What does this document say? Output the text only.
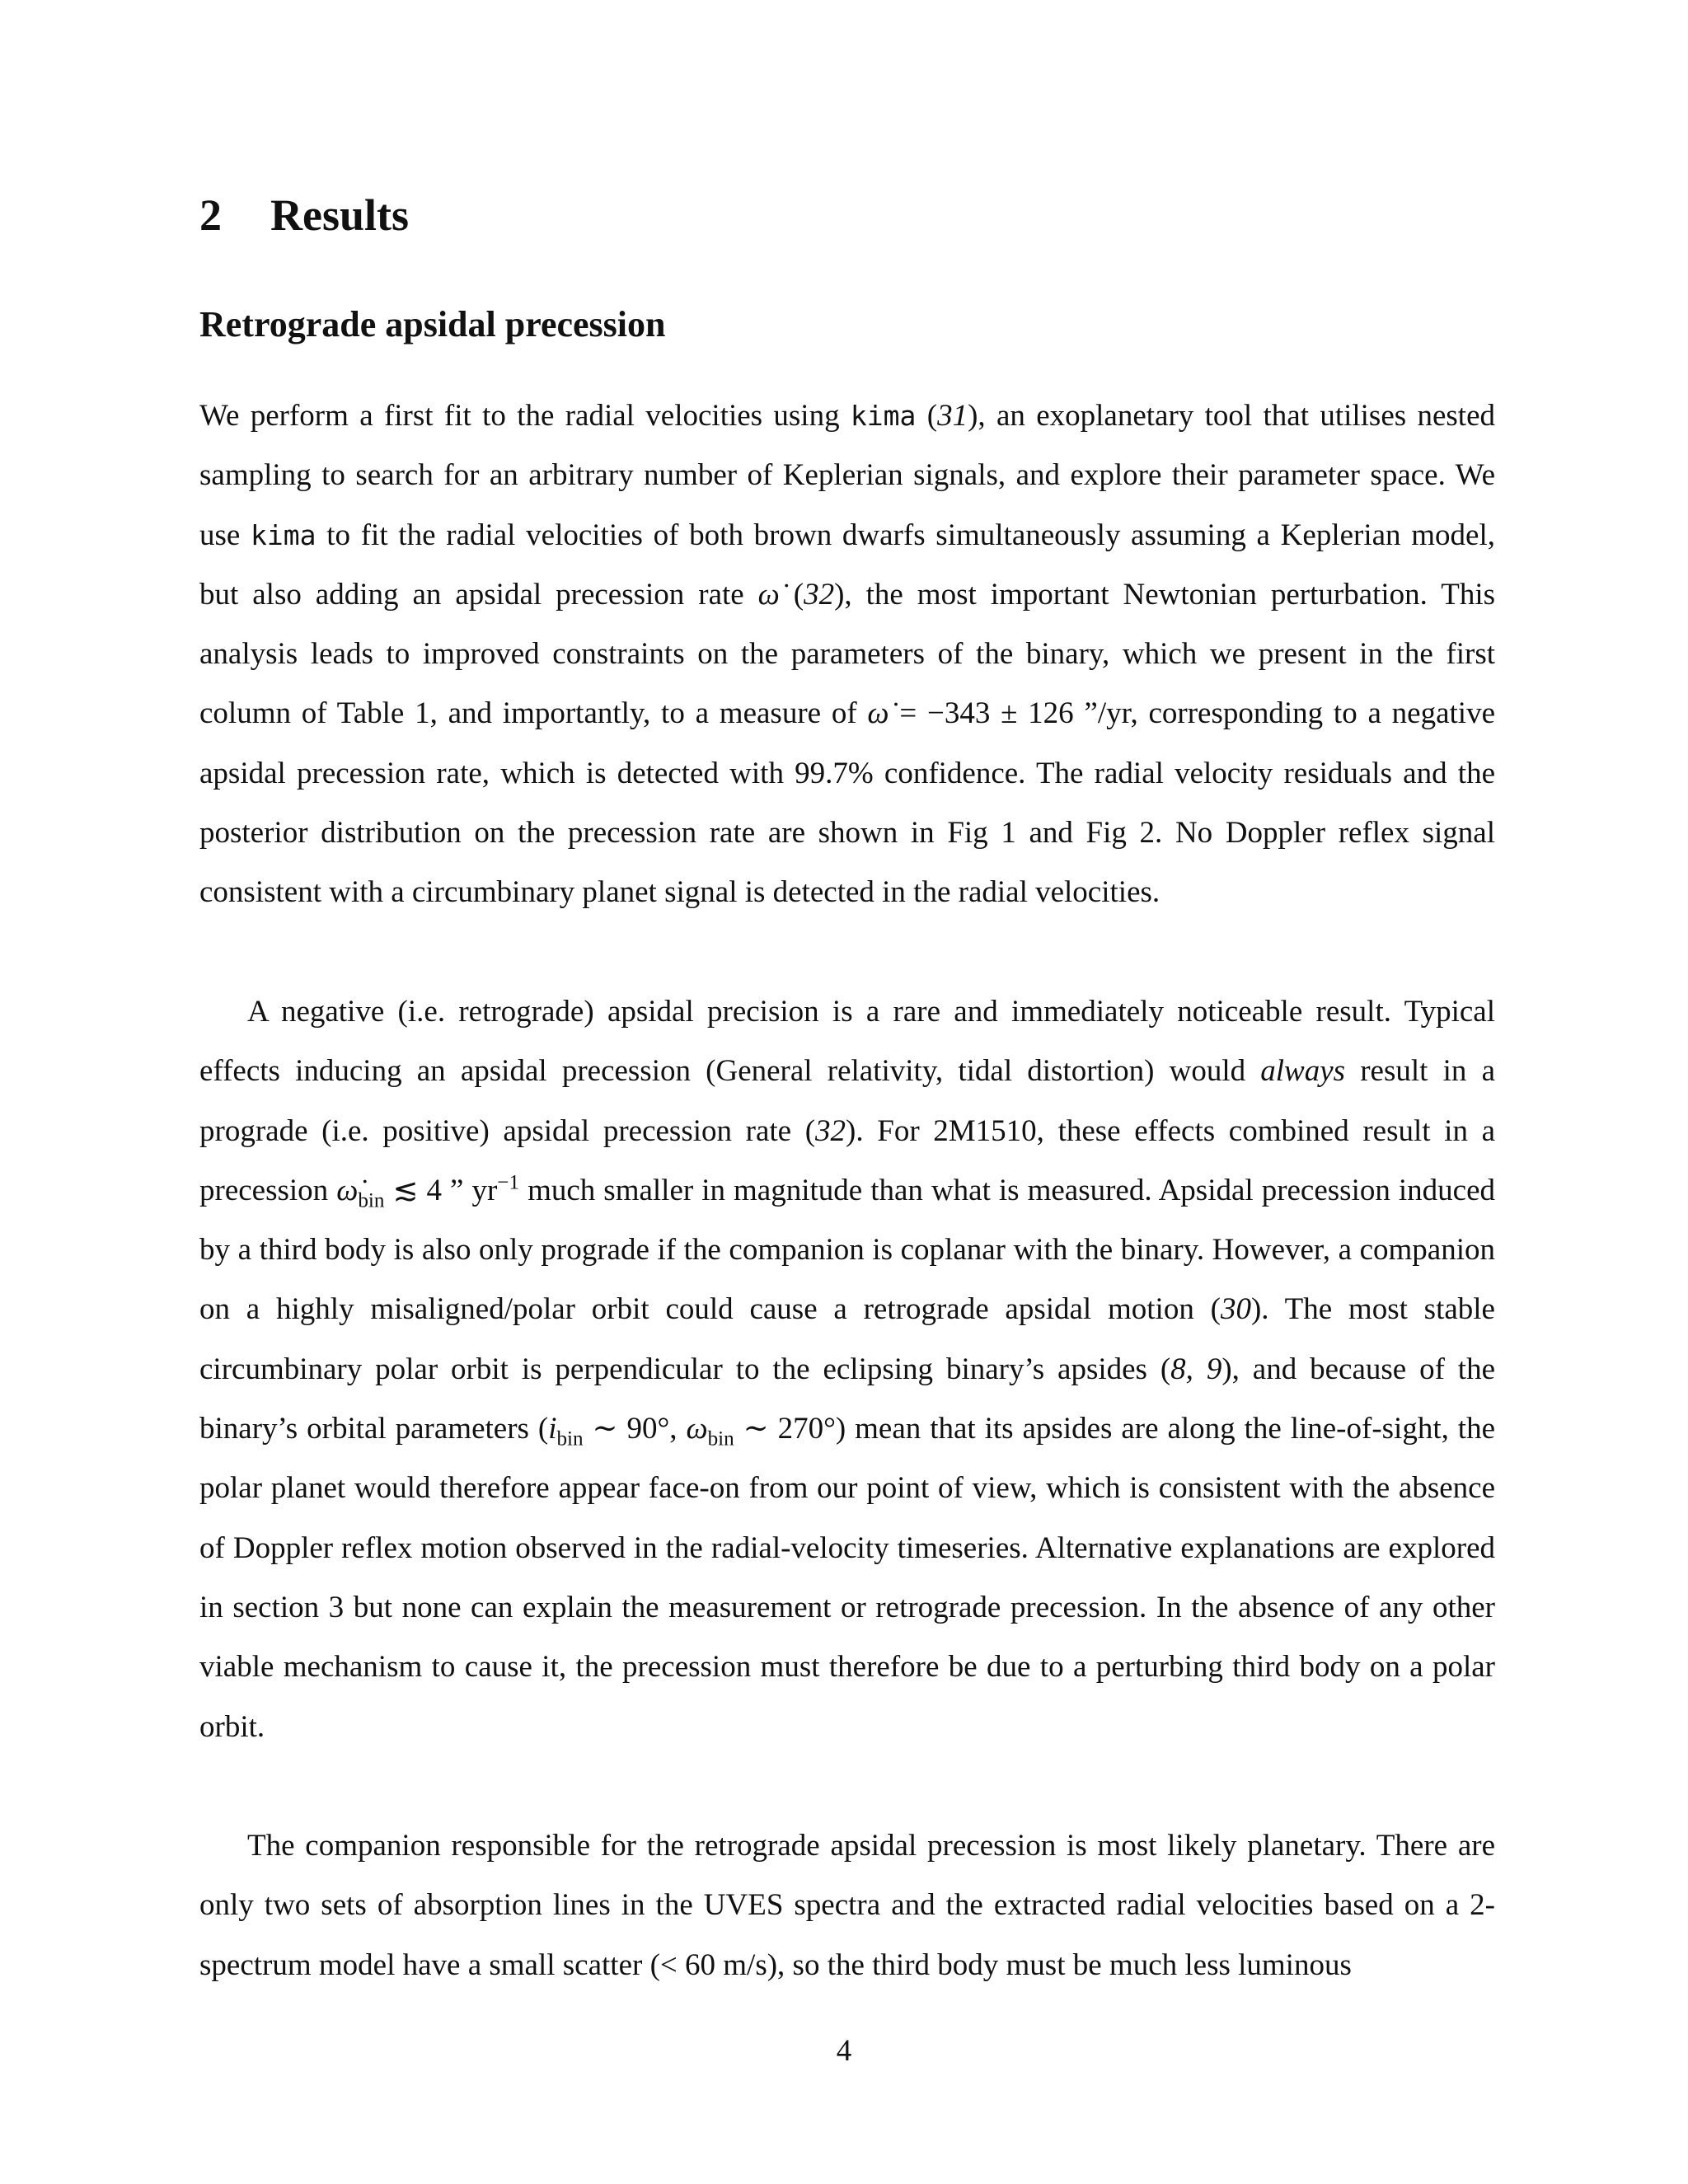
2 Results
Retrograde apsidal precession

We perform a first fit to the radial velocities using kima (31), an exoplanetary tool that utilises nested sampling to search for an arbitrary number of Keplerian signals, and explore their parameter space. We use kima to fit the radial velocities of both brown dwarfs simultaneously assuming a Keplerian model, but also adding an apsidal precession rate ω̇ (32), the most important Newtonian perturbation. This analysis leads to improved constraints on the parameters of the binary, which we present in the first column of Table 1, and importantly, to a measure of ω̇ = −343 ± 126 ”/yr, corresponding to a negative apsidal precession rate, which is detected with 99.7% confidence. The radial velocity residuals and the posterior distribution on the precession rate are shown in Fig 1 and Fig 2. No Doppler reflex signal consistent with a circumbinary planet signal is detected in the radial velocities.

A negative (i.e. retrograde) apsidal precision is a rare and immediately noticeable result. Typical effects inducing an apsidal precession (General relativity, tidal distortion) would always result in a prograde (i.e. positive) apsidal precession rate (32). For 2M1510, these effects combined result in a precession $\omegȧ_{bin}$ ≲ 4 ” $yr^{-1}$ much smaller in magnitude than what is measured. Apsidal precession induced by a third body is also only prograde if the companion is coplanar with the binary. However, a companion on a highly misaligned/polar orbit could cause a retrograde apsidal motion (30). The most stable circumbinary polar orbit is perpendicular to the eclipsing binary’s apsides (8, 9), and because of the binary’s orbital parameters ($i_{bin}$ ∼ 90°, $\omega_{bin}$ ∼ 270°) mean that its apsides are along the line-of-sight, the polar planet would therefore appear face-on from our point of view, which is consistent with the absence of Doppler reflex motion observed in the radial-velocity timeseries. Alternative explanations are explored in section 3 but none can explain the measurement or retrograde precession. In the absence of any other viable mechanism to cause it, the precession must therefore be due to a perturbing third body on a polar orbit.

The companion responsible for the retrograde apsidal precession is most likely planetary. There are only two sets of absorption lines in the UVES spectra and the extracted radial velocities based on a 2-spectrum model have a small scatter (< 60 m/s), so the third body must be much less luminous

4
